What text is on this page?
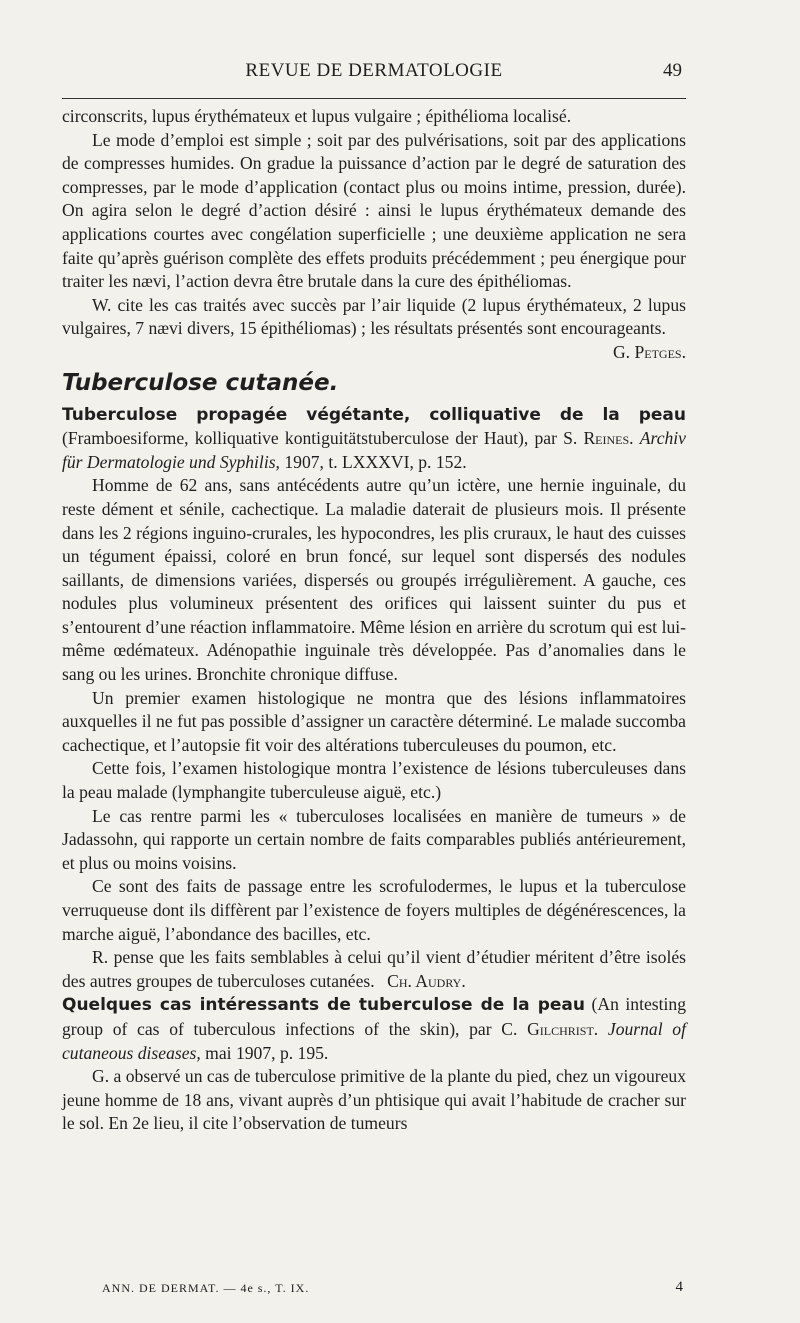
REVUE DE DERMATOLOGIE	49

circonscrits, lupus érythémateux et lupus vulgaire ; épithélioma localisé.

Le mode d’emploi est simple ; soit par des pulvérisations, soit par des applications de compresses humides. On gradue la puissance d’action par le degré de saturation des compresses, par le mode d’application (contact plus ou moins intime, pression, durée). On agira selon le degré d’action désiré : ainsi le lupus érythémateux demande des applications courtes avec congélation superficielle ; une deuxième application ne sera faite qu’après guérison complète des effets produits précédemment ; peu énergique pour traiter les nævi, l’action devra être brutale dans la cure des épithéliomas.

W. cite les cas traités avec succès par l’air liquide (2 lupus érythémateux, 2 lupus vulgaires, 7 nævi divers, 15 épithéliomas) ; les résultats présentés sont encourageants.
G. Petges.

Tuberculose cutanée.

Tuberculose propagée végétante, colliquative de la peau (Framboesiforme, kolliquative kontiguitätstuberculose der Haut), par S. Reines. Archiv für Dermatologie und Syphilis, 1907, t. LXXXVI, p. 152.

Homme de 62 ans, sans antécédents autre qu’un ictère, une hernie inguinale, du reste dément et sénile, cachectique. La maladie daterait de plusieurs mois. Il présente dans les 2 régions inguino-crurales, les hypocondres, les plis cruraux, le haut des cuisses un tégument épaissi, coloré en brun foncé, sur lequel sont dispersés des nodules saillants, de dimensions variées, dispersés ou groupés irrégulièrement. A gauche, ces nodules plus volumineux présentent des orifices qui laissent suinter du pus et s’entourent d’une réaction inflammatoire. Même lésion en arrière du scrotum qui est lui-même œdémateux. Adénopathie inguinale très développée. Pas d’anomalies dans le sang ou les urines. Bronchite chronique diffuse.

Un premier examen histologique ne montra que des lésions inflammatoires auxquelles il ne fut pas possible d’assigner un caractère déterminé. Le malade succomba cachectique, et l’autopsie fit voir des altérations tuberculeuses du poumon, etc.

Cette fois, l’examen histologique montra l’existence de lésions tuberculeuses dans la peau malade (lymphangite tuberculeuse aiguë, etc.)

Le cas rentre parmi les « tuberculoses localisées en manière de tumeurs » de Jadassohn, qui rapporte un certain nombre de faits comparables publiés antérieurement, et plus ou moins voisins.

Ce sont des faits de passage entre les scrofulodermes, le lupus et la tuberculose verruqueuse dont ils diffèrent par l’existence de foyers multiples de dégénérescences, la marche aiguë, l’abondance des bacilles, etc.

R. pense que les faits semblables à celui qu’il vient d’étudier méritent d’être isolés des autres groupes de tuberculoses cutanées. Ch. Audry.

Quelques cas intéressants de tuberculose de la peau (An intesting group of cas of tuberculous infections of the skin), par C. Gilchrist. Journal of cutaneous diseases, mai 1907, p. 195.

G. a observé un cas de tuberculose primitive de la plante du pied, chez un vigoureux jeune homme de 18 ans, vivant auprès d’un phtisique qui avait l’habitude de cracher sur le sol. En 2e lieu, il cite l’observation de tumeurs

ANN. DE DERMAT. — 4e s., T. IX.	4
